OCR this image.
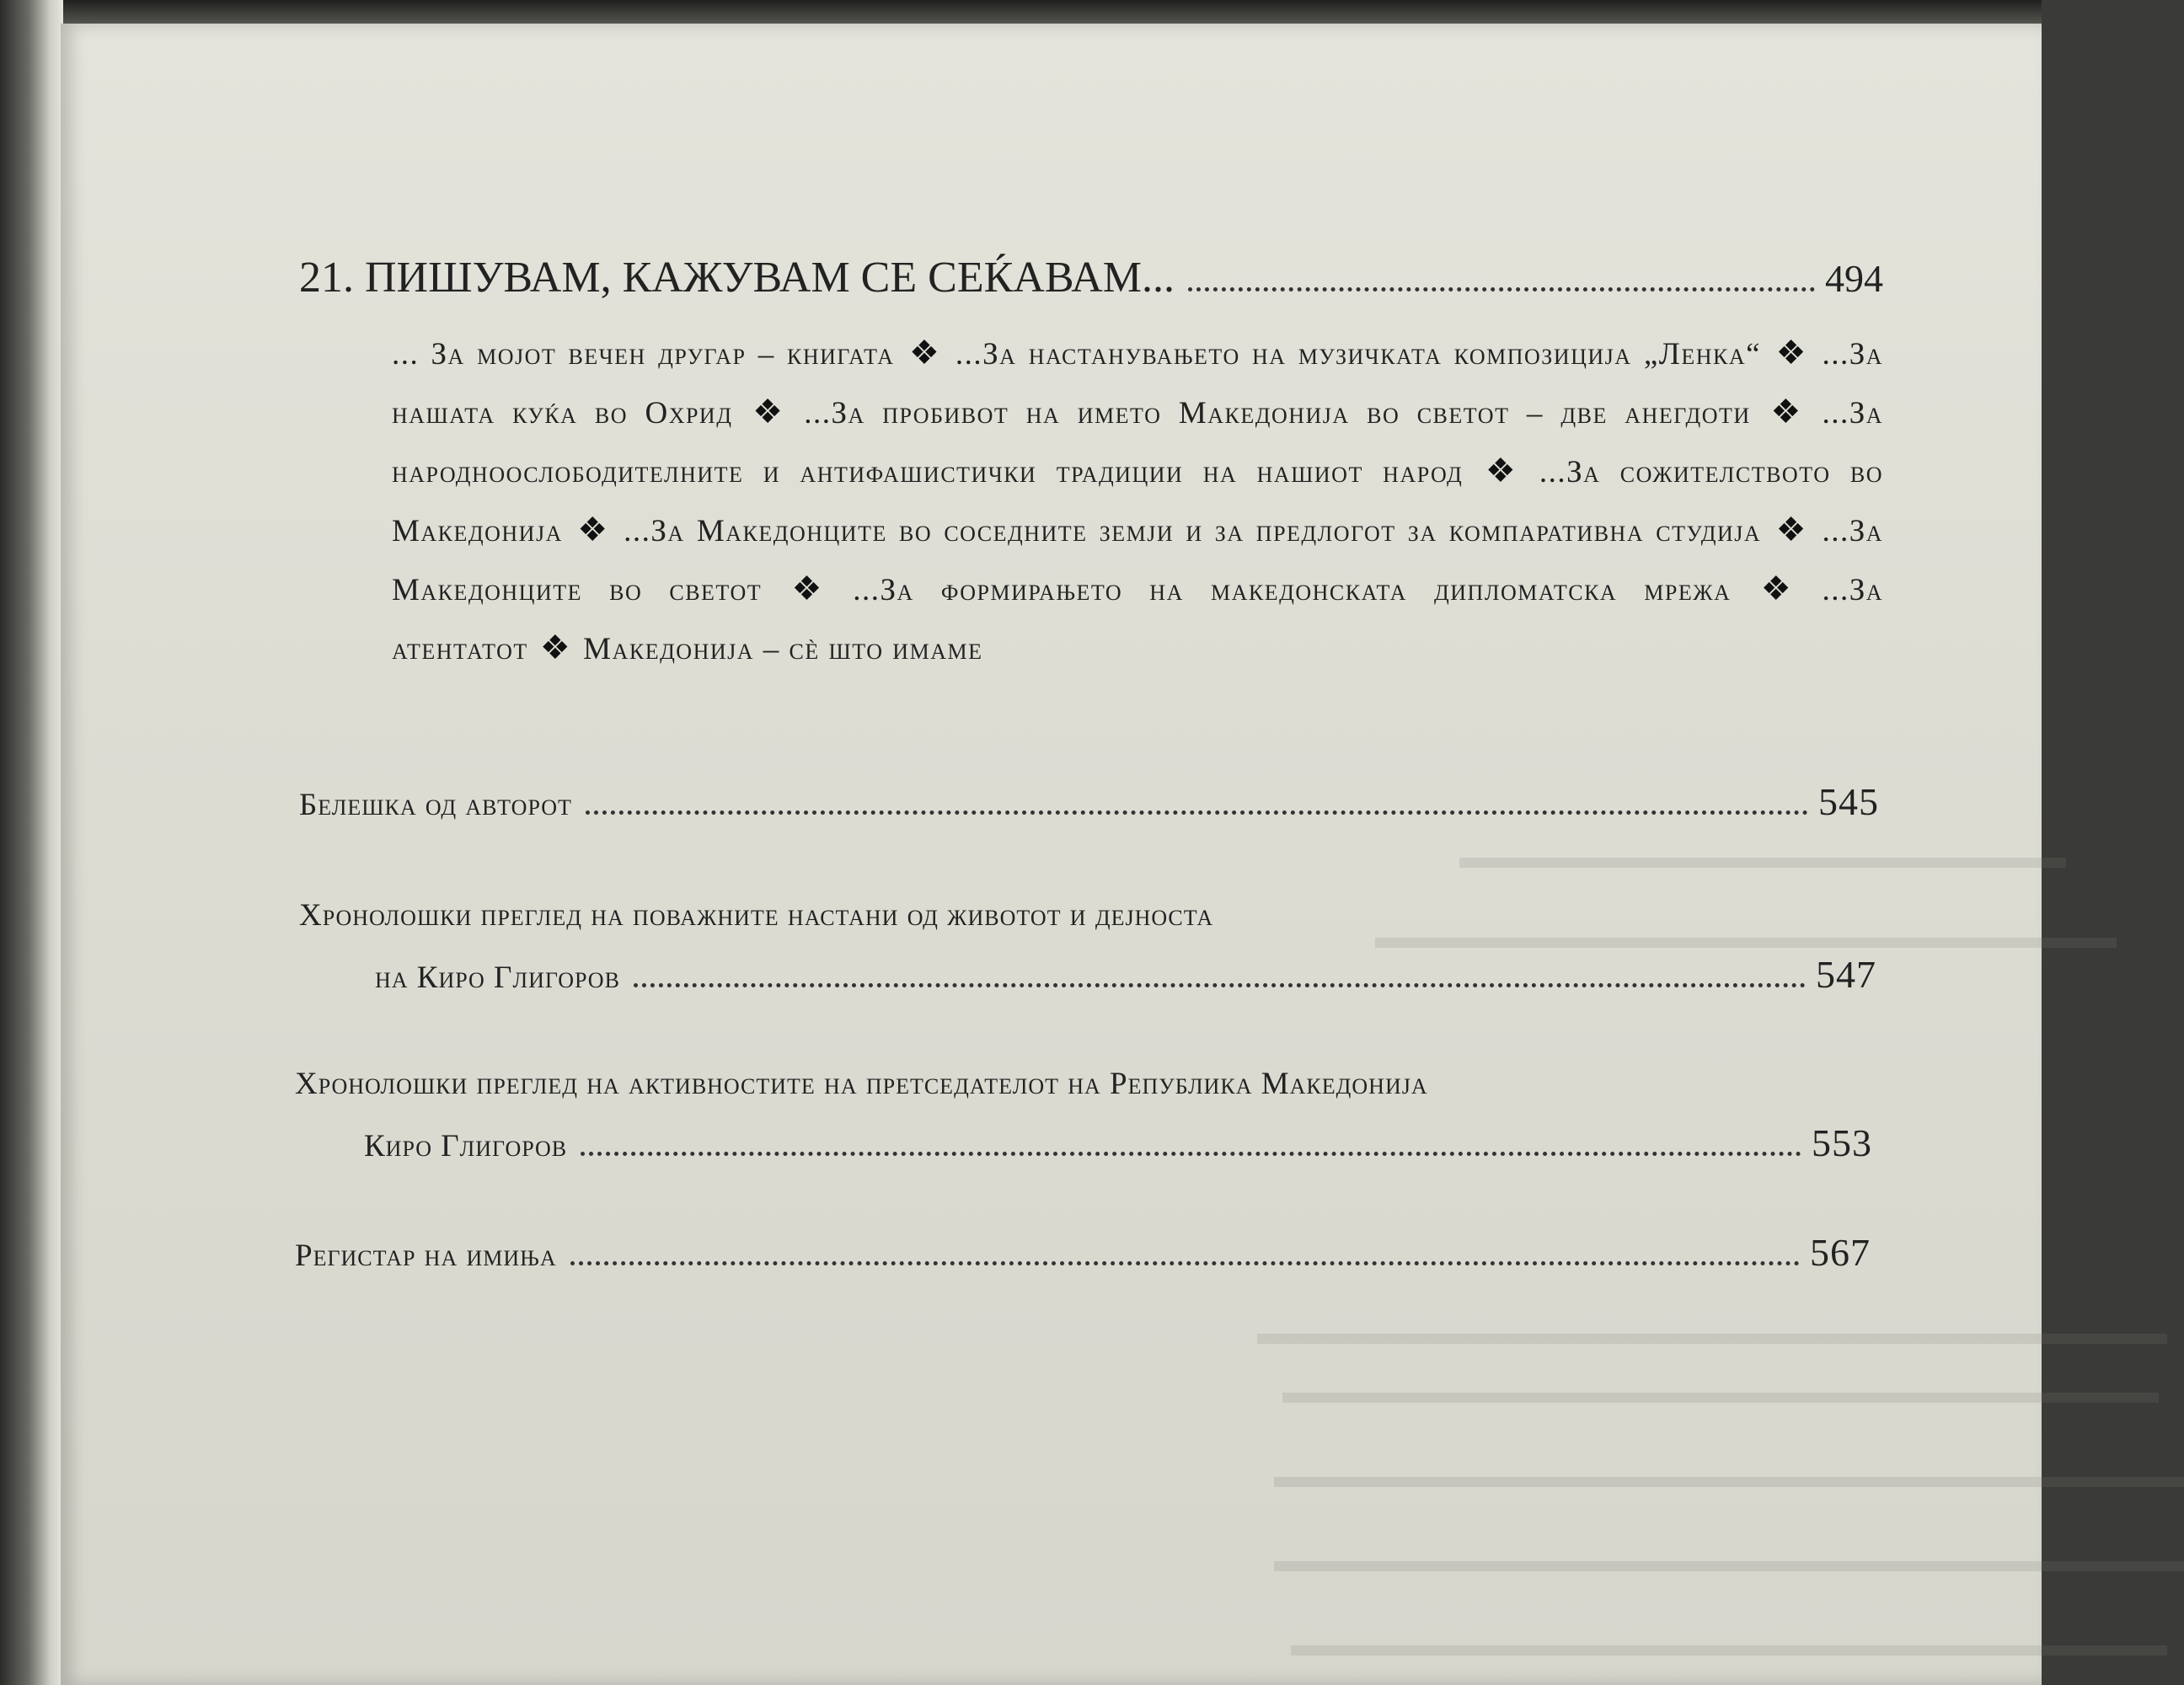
▬▬▬▬▬▬▬▬▬▬▬▬▬▬▬▬▬▬
▬▬▬▬▬▬▬▬▬▬▬▬▬▬▬▬▬▬▬▬▬▬
▬▬▬▬▬▬▬▬▬▬▬▬▬▬▬▬▬▬▬▬▬▬▬▬▬▬▬
▬▬▬▬▬▬▬▬▬▬▬▬▬▬▬▬▬▬▬▬▬▬▬▬▬▬
▬▬▬▬▬▬▬▬▬▬▬▬▬▬▬▬▬▬▬▬▬▬▬▬▬▬▬
▬▬▬▬▬▬▬▬▬▬▬▬▬▬▬▬▬▬▬▬▬▬▬▬▬▬▬
▬▬▬▬▬▬▬▬▬▬▬▬▬▬▬▬▬▬▬▬▬▬▬▬▬▬
21. ПИШУВАМ, КАЖУВАМ СЕ СЕЌАВАМ...	494
... За мојот вечен другар – книгата ❖ ...За настанувањето на музичката композиција „Ленка“ ❖ ...За нашата куќа во Охрид ❖ ...За пробивот на името Македонија во светот – две анегдоти ❖ ...За народноослободителните и антифашистички традиции на нашиот народ ❖ ...За сожителството во Македонија ❖ ...За Македонците во соседните земји и за предлогот за компаративна студија ❖ ...За Македонците во светот ❖ ...За формирањето на македонската дипломатска мрежа ❖ ...За атентатот ❖ Македонија – сè што имаме
Белешка од авторот	545
Хронолошки преглед на поважните настани од животот и дејноста
на Киро Глигоров	547
Хронолошки преглед на активностите на претседателот на Република Македонија
Киро Глигоров	553
Регистар на имиња	567
